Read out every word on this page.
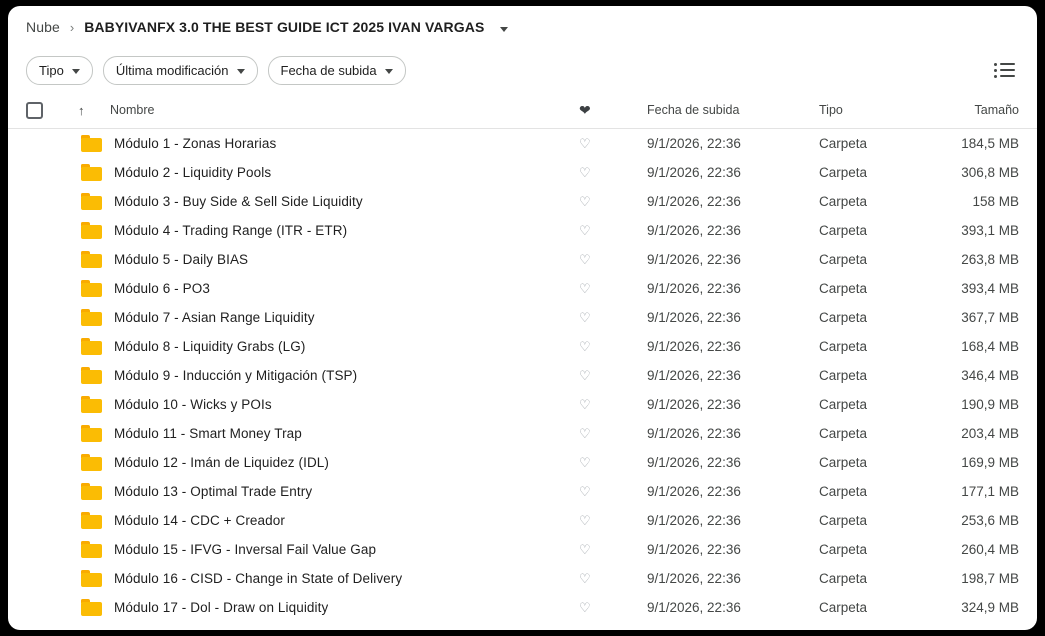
Nube › BABYIVANFX 3.0 THE BEST GUIDE ICT 2025 IVAN VARGAS
Tipo	Última modificación	Fecha de subida
↑	Nombre	❤	Fecha de subida	Tipo	Tamaño
Módulo 1 - Zonas Horarias	♡	9/1/2026, 22:36	Carpeta	184,5 MB
Módulo 2 - Liquidity Pools	♡	9/1/2026, 22:36	Carpeta	306,8 MB
Módulo 3 - Buy Side & Sell Side Liquidity	♡	9/1/2026, 22:36	Carpeta	158 MB
Módulo 4 - Trading Range (ITR - ETR)	♡	9/1/2026, 22:36	Carpeta	393,1 MB
Módulo 5 - Daily BIAS	♡	9/1/2026, 22:36	Carpeta	263,8 MB
Módulo 6 - PO3	♡	9/1/2026, 22:36	Carpeta	393,4 MB
Módulo 7 - Asian Range Liquidity	♡	9/1/2026, 22:36	Carpeta	367,7 MB
Módulo 8 - Liquidity Grabs (LG)	♡	9/1/2026, 22:36	Carpeta	168,4 MB
Módulo 9 - Inducción y Mitigación (TSP)	♡	9/1/2026, 22:36	Carpeta	346,4 MB
Módulo 10 - Wicks y POIs	♡	9/1/2026, 22:36	Carpeta	190,9 MB
Módulo 11 - Smart Money Trap	♡	9/1/2026, 22:36	Carpeta	203,4 MB
Módulo 12 - Imán de Liquidez (IDL)	♡	9/1/2026, 22:36	Carpeta	169,9 MB
Módulo 13 - Optimal Trade Entry	♡	9/1/2026, 22:36	Carpeta	177,1 MB
Módulo 14 - CDC + Creador	♡	9/1/2026, 22:36	Carpeta	253,6 MB
Módulo 15 - IFVG - Inversal Fail Value Gap	♡	9/1/2026, 22:36	Carpeta	260,4 MB
Módulo 16 - CISD - Change in State of Delivery	♡	9/1/2026, 22:36	Carpeta	198,7 MB
Módulo 17 - Dol - Draw on Liquidity	♡	9/1/2026, 22:36	Carpeta	324,9 MB
